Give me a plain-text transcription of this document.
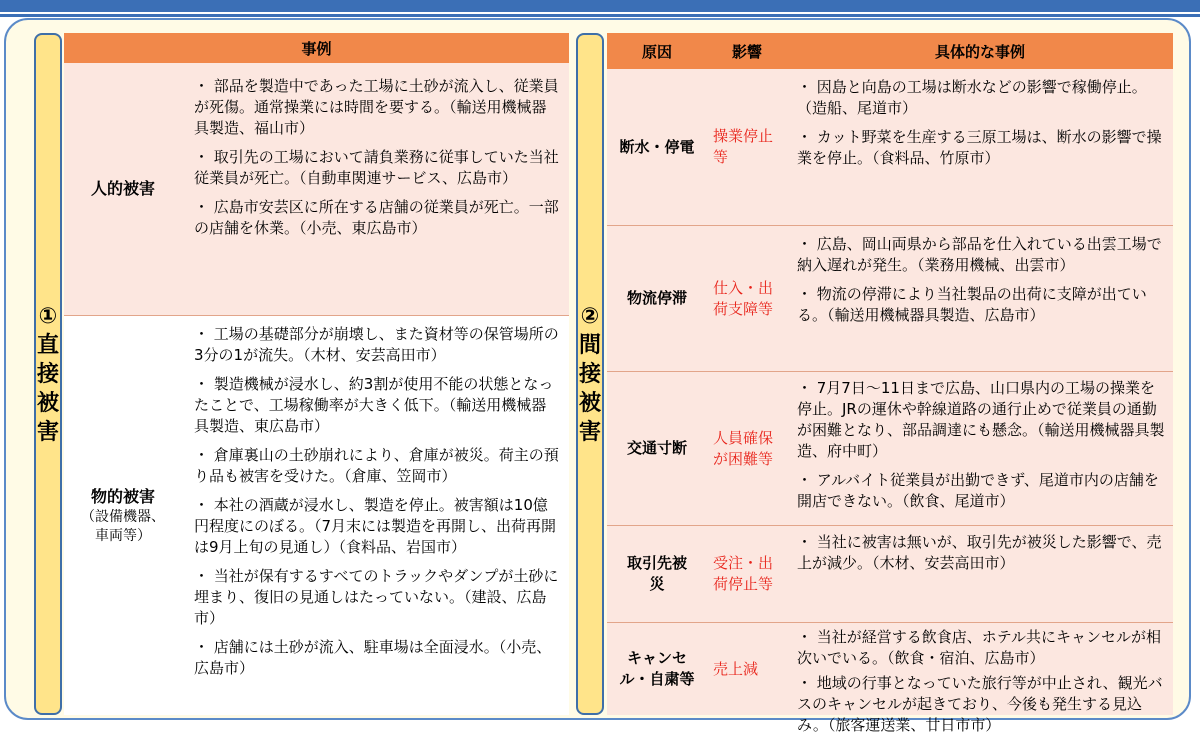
①
直
接
被
害
事例
人的被害
・ 部品を製造中であった工場に土砂が流入し、従業員が死傷。通常操業には時間を要する。（輸送用機械器具製造、福山市）
・ 取引先の工場において請負業務に従事していた当社従業員が死亡。（自動車関連サービス、広島市）
・ 広島市安芸区に所在する店舗の従業員が死亡。一部の店舗を休業。（小売、東広島市）
物的被害
（設備機器、車両等）
・ 工場の基礎部分が崩壊し、また資材等の保管場所の3分の1が流失。（木材、安芸高田市）
・ 製造機械が浸水し、約3割が使用不能の状態となったことで、工場稼働率が大きく低下。（輸送用機械器具製造、東広島市）
・ 倉庫裏山の土砂崩れにより、倉庫が被災。荷主の預り品も被害を受けた。（倉庫、笠岡市）
・ 本社の酒蔵が浸水し、製造を停止。被害額は10億円程度にのぼる。（7月末には製造を再開し、出荷再開は9月上旬の見通し）（食料品、岩国市）
・ 当社が保有するすべてのトラックやダンプが土砂に埋まり、復旧の見通しはたっていない。（建設、広島市）
・ 店舗には土砂が流入、駐車場は全面浸水。（小売、広島市）
②
間
接
被
害
原因	影響	具体的な事例
断水・停電
操業停止等
・ 因島と向島の工場は断水などの影響で稼働停止。（造船、尾道市）
・ カット野菜を生産する三原工場は、断水の影響で操業を停止。（食料品、竹原市）
物流停滞
仕入・出荷支障等
・ 広島、岡山両県から部品を仕入れている出雲工場で納入遅れが発生。（業務用機械、出雲市）
・ 物流の停滞により当社製品の出荷に支障が出ている。（輸送用機械器具製造、広島市）
交通寸断
人員確保が困難等
・ 7月7日～11日まで広島、山口県内の工場の操業を停止。JRの運休や幹線道路の通行止めで従業員の通勤が困難となり、部品調達にも懸念。（輸送用機械器具製造、府中町）
・ アルバイト従業員が出勤できず、尾道市内の店舗を開店できない。（飲食、尾道市）
取引先被災
受注・出荷停止等
・ 当社に被害は無いが、取引先が被災した影響で、売上が減少。（木材、安芸高田市）
キャンセル・自粛等
売上減
・ 当社が経営する飲食店、ホテル共にキャンセルが相次いでいる。（飲食・宿泊、広島市）
・ 地域の行事となっていた旅行等が中止され、観光バスのキャンセルが起きており、今後も発生する見込み。（旅客運送業、廿日市市）
